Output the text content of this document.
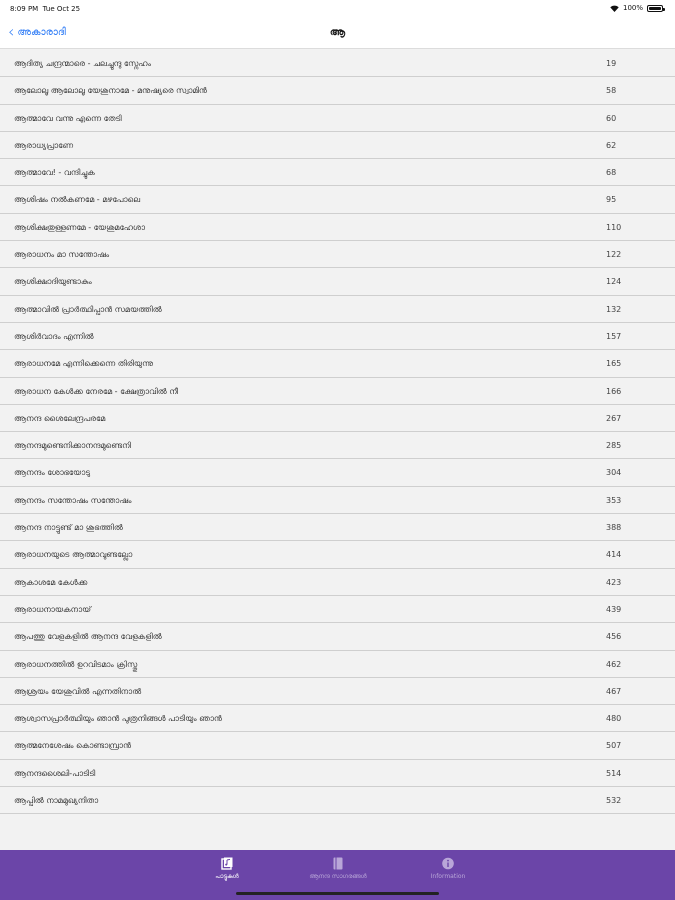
8:09 PM Tue Oct 25	100%
‹ അകാരാദി	ആ
ആദിത്യ ചന്ദ്രന്മാരെ - ചലച്ചുന്ദു സ്നേഹം	19
ആലോലൂ ആലോലൂ യേശുനാമേ - മനുഷ്യരെ സ്വാമിൻ	58
ആത്മാവേ വന്നു എന്നെ തേടി	60
ആരാധ്യപ്രാണേ	62
ആത്മാവേ! - വന്ദിച്ചുക	68
ആശിഷം നൽകണമേ - മഴപോലെ	95
ആശിക്ഷതുള്ളണമേ - യേശുമഹേശാ	110
ആരാധനം മാ സന്തോഷം	122
ആശിക്ഷാദിയുണ്ടാകും	124
ആത്മാവിൽ പ്രാർത്ഥിപ്പാൻ സമയത്തിൽ	132
ആശിർവാദം എന്നിൽ	157
ആരാധനമേ എന്നിക്കെന്നെ തിരിയുന്നു	165
ആരാധന കേൾക്ക നേരമേ - ക്ഷേത്രാവിൽ നീ	166
ആനന്ദ ശൈലേന്ദ്രപരമേ	267
ആനന്ദമുണ്ടെനിക്കാനന്ദമുണ്ടെനി	285
ആനന്ദം ശോഭയോടു	304
ആനന്ദം സന്തോഷം സന്തോഷം	353
ആനന്ദ നാട്ടുണ്ട് മാ ശുഭത്തിൽ	388
ആരാധനയുടെ ആത്മാവുണ്ടല്ലോ	414
ആകാശമേ കേൾക്ക	423
ആരാധനായകനായ്	439
ആപത്തു വേളകളിൽ ആനന്ദ വേളകളിൽ	456
ആരാധനത്തിൽ ഉറവിടമാം ക്രിസ്തു	462
ആശ്രയം യേശുവിൽ എന്നതിനാൽ	467
ആശ്വാസപ്രാർത്ഥിയും ഞാൻ പുത്രനിങ്ങൾ പാടിയും ഞാൻ	480
ആത്മനേശേഷം കൊണ്ടാമ്പ്രാൻ	507
ആനന്ദശൈലി-പാടിടി	514
ആപ്പിൽ നാമമുഖ്യനിതാ	532
പാട്ടുകൾ	ആനന്ദ സാഗരങ്ങൾ	Information
